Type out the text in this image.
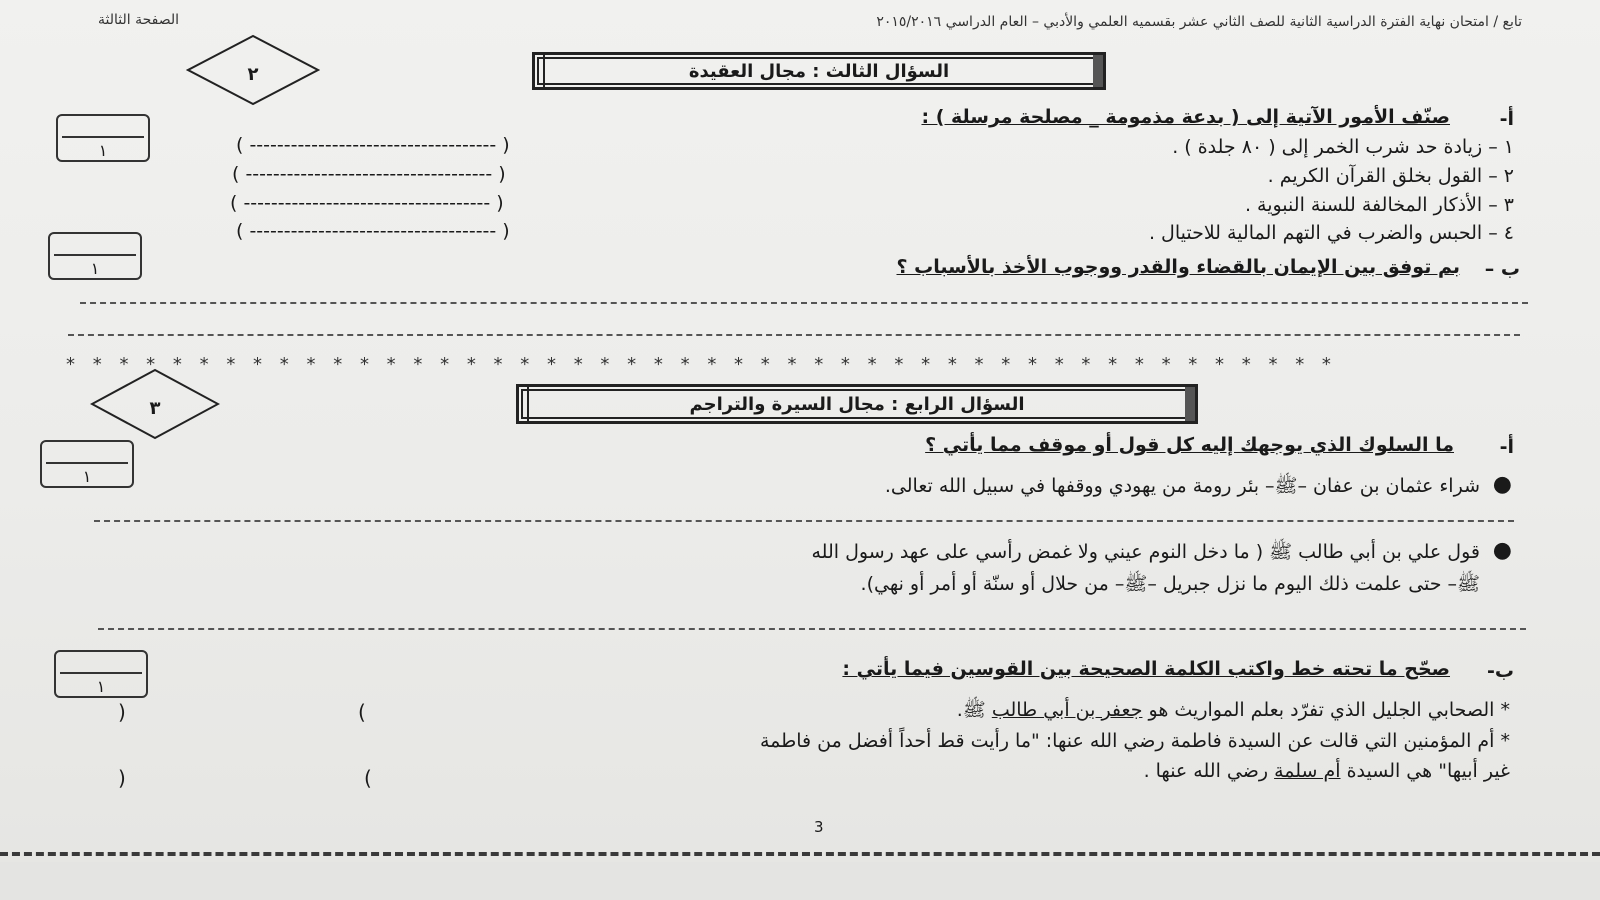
تابع / امتحان نهاية الفترة الدراسية الثانية للصف الثاني عشر بقسميه العلمي والأدبي – العام الدراسي ٢٠١٥/٢٠١٦
الصفحة الثالثة
٢	السؤال الثالث : مجال العقيدة
أ-
صنّف الأمور الآتية إلى ( بدعة مذمومة _ مصلحة مرسلة ) :
١	١ – زيادة حد شرب الخمر إلى ( ٨٠ جلدة ) .
٢ – القول بخلق القرآن الكريم .
٣ – الأذكار المخالفة للسنة النبوية .
٤ – الحبس والضرب في التهم المالية للاحتيال .
( ------------------------------------ )
( ------------------------------------ )
( ------------------------------------ )
( ------------------------------------ )
١	ب –
بم توفق بين الإيمان بالقضاء والقدر ووجوب الأخذ بالأسباب ؟
* * * * * * * * * * * * * * * * * * * * * * * * * * * * * * * * * * * * * * * * * * * * * * * *
٣	السؤال الرابع : مجال السيرة والتراجم
١
أ-
ما السلوك الذي يوجهك إليه كل قول أو موقف مما يأتي ؟
●
شراء عثمان بن عفان –ﷺ– بئر رومة من يهودي ووقفها في سبيل الله تعالى.
●
قول علي بن أبي طالب ﷺ ( ما دخل النوم عيني ولا غمض رأسي على عهد رسول الله
ﷺ– حتى علمت ذلك اليوم ما نزل جبريل –ﷺ– من حلال أو سنّة أو أمر أو نهي).
١
ب-
صحّح ما تحته خط واكتب الكلمة الصحيحة بين القوسين فيما يأتي :
* الصحابي الجليل الذي تفرّد بعلم المواريث هو جعفر بن أبي طالب ﷺ.
(
)
* أم المؤمنين التي قالت عن السيدة فاطمة رضي الله عنها: "ما رأيت قط أحداً أفضل من فاطمة
غير أبيها" هي السيدة أم سلمة رضي الله عنها .
(
)
3
